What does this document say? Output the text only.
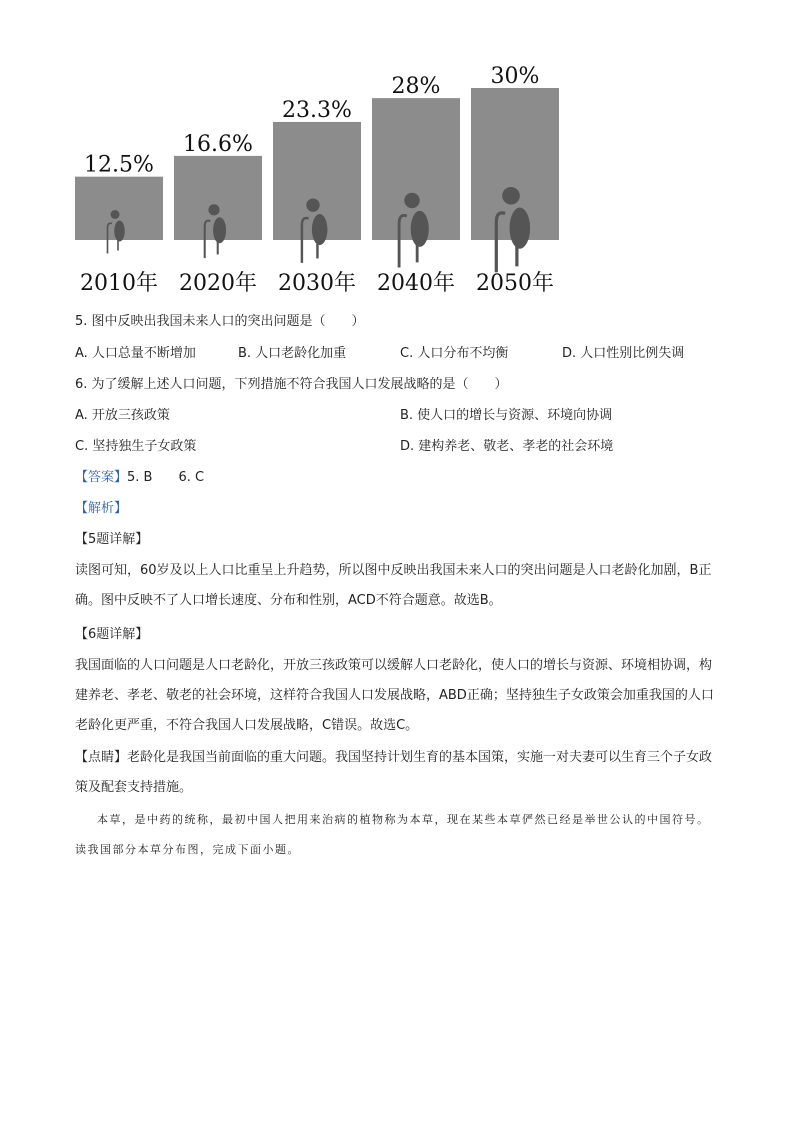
12.5%
2010年
16.6%
2020年
23.3%
2030年
28%
2040年
30%
2050年
5. 图中反映出我国未来人口的突出问题是（　　）
A. 人口总量不断增加	B. 人口老龄化加重	C. 人口分布不均衡	D. 人口性别比例失调
6. 为了缓解上述人口问题，下列措施不符合我国人口发展战略的是（　　）
A. 开放三孩政策	B. 使人口的增长与资源、环境向协调
C. 坚持独生子女政策	D. 建构养老、敬老、孝老的社会环境
【答案】5. B　　6. C
【解析】
【5题详解】
读图可知，60岁及以上人口比重呈上升趋势，所以图中反映出我国未来人口的突出问题是人口老龄化加剧，B正确。图中反映不了人口增长速度、分布和性别，ACD不符合题意。故选B。
【6题详解】
我国面临的人口问题是人口老龄化，开放三孩政策可以缓解人口老龄化，使人口的增长与资源、环境相协调，构建养老、孝老、敬老的社会环境，这样符合我国人口发展战略，ABD正确；坚持独生子女政策会加重我国的人口老龄化更严重，不符合我国人口发展战略，C错误。故选C。
【点睛】老龄化是我国当前面临的重大问题。我国坚持计划生育的基本国策，实施一对夫妻可以生育三个子女政策及配套支持措施。
本草，是中药的统称，最初中国人把用来治病的植物称为本草，现在某些本草俨然已经是举世公认的中国符号。读我国部分本草分布图，完成下面小题。
